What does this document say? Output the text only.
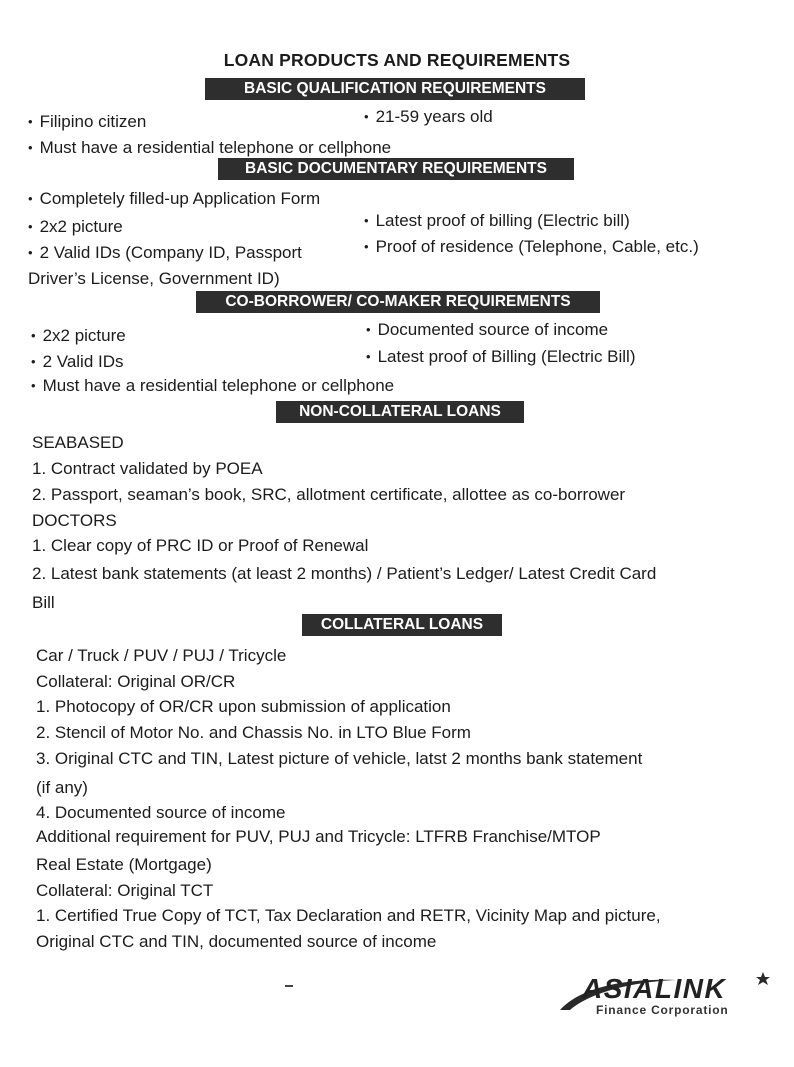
LOAN PRODUCTS AND REQUIREMENTS
BASIC QUALIFICATION REQUIREMENTS
• Filipino citizen	• 21-59 years old
• Must have a residential telephone or cellphone
BASIC DOCUMENTARY REQUIREMENTS
• Completely filled-up Application Form
• 2x2 picture	• Latest proof of billing (Electric bill)
• 2 Valid IDs (Company ID, Passport	• Proof of residence (Telephone, Cable, etc.)
Driver’s License, Government ID)
CO-BORROWER/ CO-MAKER REQUIREMENTS
• 2x2 picture	• Documented source of income
• 2 Valid IDs	• Latest proof of Billing (Electric Bill)
• Must have a residential telephone or cellphone
NON-COLLATERAL LOANS
SEABASED
1. Contract validated by POEA
2. Passport, seaman’s book, SRC, allotment certificate, allottee as co-borrower
DOCTORS
1. Clear copy of PRC ID or Proof of Renewal
2. Latest bank statements (at least 2 months) / Patient’s Ledger/ Latest Credit Card
Bill
COLLATERAL LOANS
Car / Truck / PUV / PUJ / Tricycle
Collateral: Original OR/CR
1. Photocopy of OR/CR upon submission of application
2. Stencil of Motor No. and Chassis No. in LTO Blue Form
3. Original CTC and TIN, Latest picture of vehicle, latst 2 months bank statement
(if any)
4. Documented source of income
Additional requirement for PUV, PUJ and Tricycle: LTFRB Franchise/MTOP
Real Estate (Mortgage)
Collateral: Original TCT
1. Certified True Copy of TCT, Tax Declaration and RETR, Vicinity Map and picture,
Original CTC and TIN, documented source of income
ASIALINK
Finance Corporation
